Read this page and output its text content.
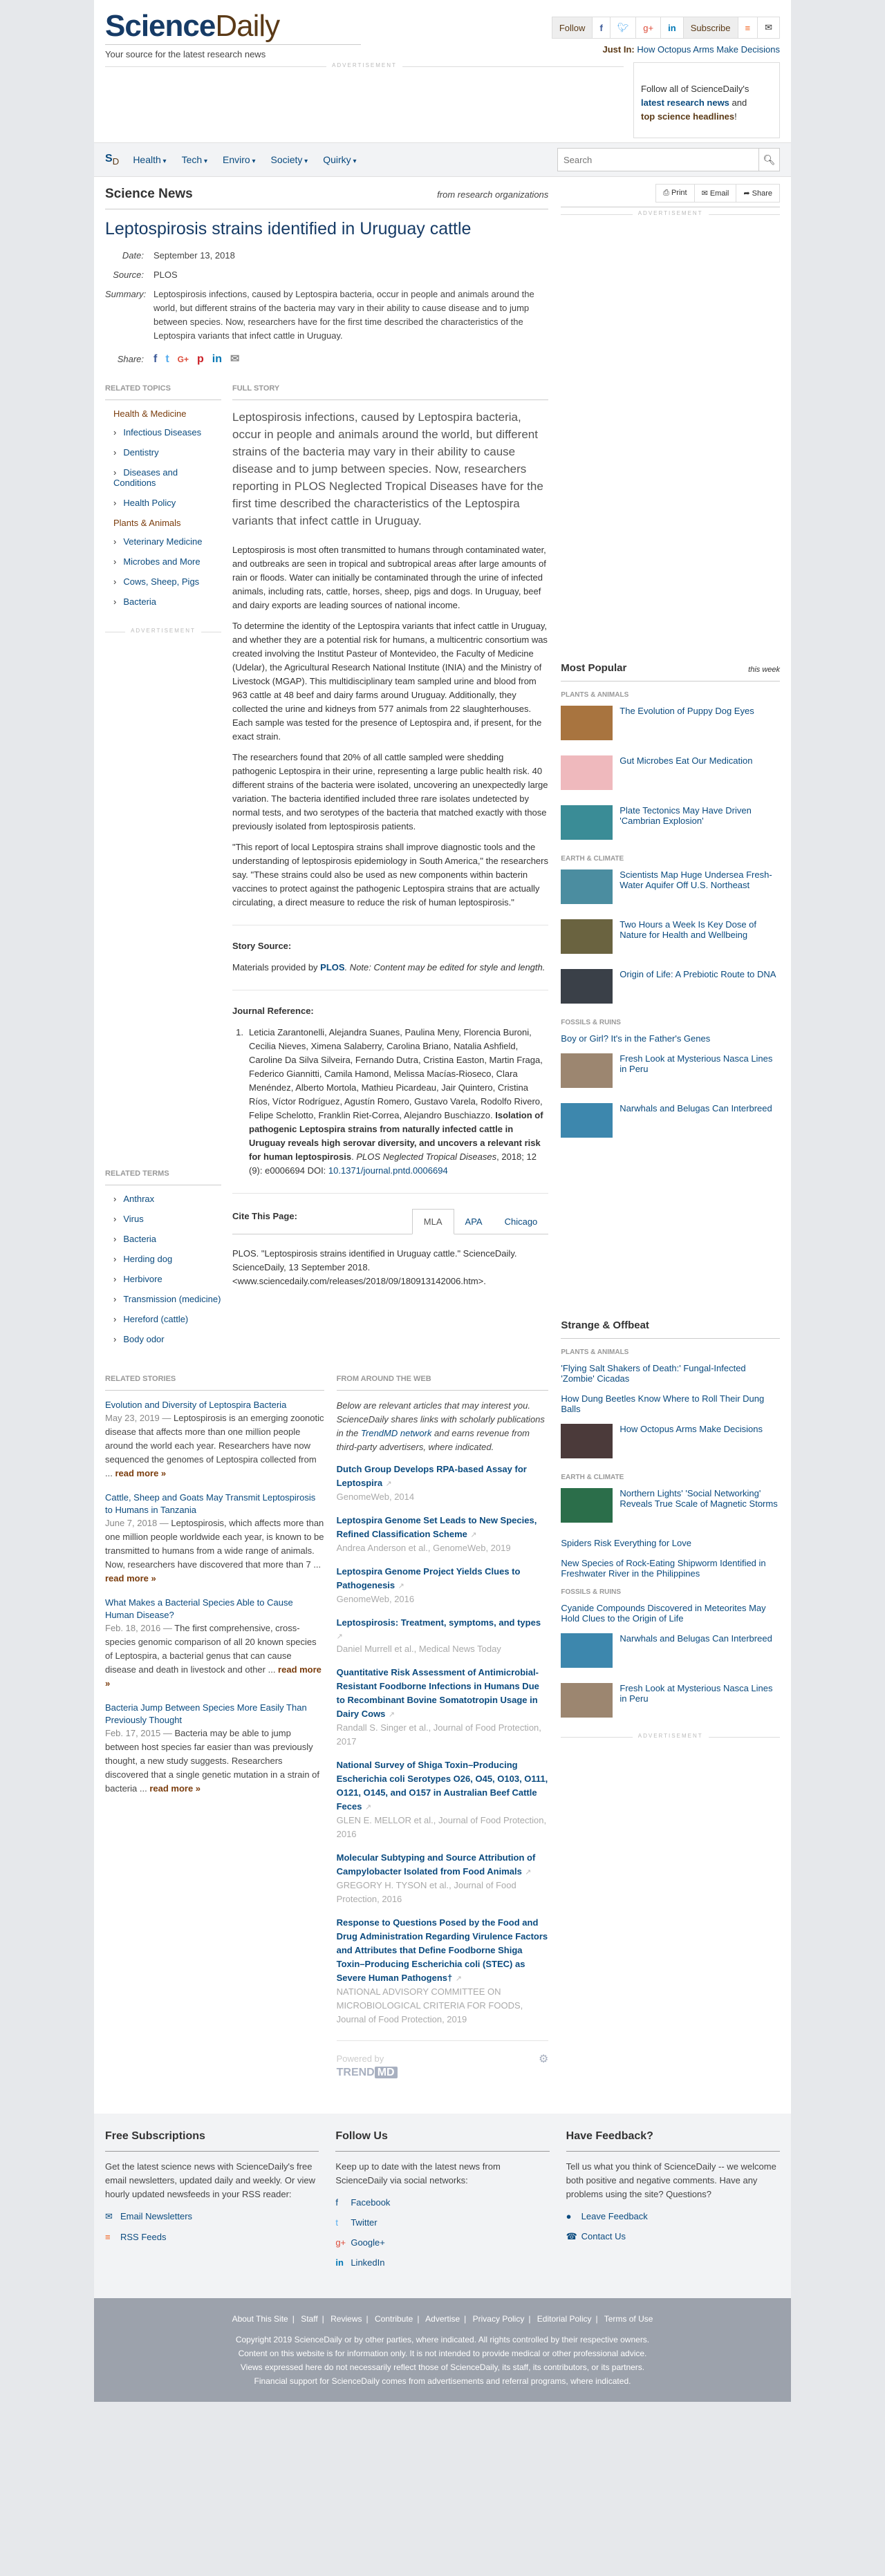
ScienceDaily
Your source for the latest research news
Follow	f	🐦︎	g+	in	Subscribe	≡	✉
Just In: How Octopus Arms Make Decisions
ADVERTISEMENT
Follow all of ScienceDaily's
latest research news and
top science headlines!
$S_D$ Health ▾	Tech ▾	Enviro ▾	Society ▾	Quirky ▾
Search	🔍︎
Science News	from research organizations
Leptospirosis strains identified in Uruguay cattle
Date:	September 13, 2018
Source:	PLOS
Summary: Leptospirosis infections, caused by Leptospira bacteria, occur in people and animals around the world, but different strains of the bacteria may vary in their ability to cause disease and to jump between species. Now, researchers have for the first time described the characteristics of the Leptospira variants that infect cattle in Uruguay.
Share: f t G+ p in ✉
RELATED TOPICS
Health & Medicine
› Infectious Diseases
› Dentistry
› Diseases and Conditions
› Health Policy
Plants & Animals
› Veterinary Medicine
› Microbes and More
› Cows, Sheep, Pigs
› Bacteria
ADVERTISEMENT
RELATED TERMS
› Anthrax
› Virus
› Bacteria
› Herding dog
› Herbivore
› Transmission (medicine)
› Hereford (cattle)
› Body odor
FULL STORY

Leptospirosis infections, caused by Leptospira bacteria, occur in people and animals around the world, but different strains of the bacteria may vary in their ability to cause disease and to jump between species. Now, researchers reporting in PLOS Neglected Tropical Diseases have for the first time described the characteristics of the Leptospira variants that infect cattle in Uruguay.

Leptospirosis is most often transmitted to humans through contaminated water, and outbreaks are seen in tropical and subtropical areas after large amounts of rain or floods. Water can initially be contaminated through the urine of infected animals, including rats, cattle, horses, sheep, pigs and dogs. In Uruguay, beef and dairy exports are leading sources of national income.

To determine the identity of the Leptospira variants that infect cattle in Uruguay, and whether they are a potential risk for humans, a multicentric consortium was created involving the Institut Pasteur of Montevideo, the Faculty of Medicine (Udelar), the Agricultural Research National Institute (INIA) and the Ministry of Livestock (MGAP). This multidisciplinary team sampled urine and blood from 963 cattle at 48 beef and dairy farms around Uruguay. Additionally, they collected the urine and kidneys from 577 animals from 22 slaughterhouses. Each sample was tested for the presence of Leptospira and, if present, for the exact strain.

The researchers found that 20% of all cattle sampled were shedding pathogenic Leptospira in their urine, representing a large public health risk. 40 different strains of the bacteria were isolated, uncovering an unexpectedly large variation. The bacteria identified included three rare isolates undetected by normal tests, and two serotypes of the bacteria that matched exactly with those previously isolated from leptospirosis patients.

"This report of local Leptospira strains shall improve diagnostic tools and the understanding of leptospirosis epidemiology in South America," the researchers say. "These strains could also be used as new components within bacterin vaccines to protect against the pathogenic Leptospira strains that are actually circulating, a direct measure to reduce the risk of human leptospirosis."

Story Source:

Materials provided by PLOS. Note: Content may be edited for style and length.

Journal Reference:
1. Leticia Zarantonelli, Alejandra Suanes, Paulina Meny, Florencia Buroni, Cecilia Nieves, Ximena Salaberry, Carolina Briano, Natalia Ashfield, Caroline Da Silva Silveira, Fernando Dutra, Cristina Easton, Martin Fraga, Federico Giannitti, Camila Hamond, Melissa Macías-Rioseco, Clara Menéndez, Alberto Mortola, Mathieu Picardeau, Jair Quintero, Cristina Ríos, Víctor Rodríguez, Agustín Romero, Gustavo Varela, Rodolfo Rivero, Felipe Schelotto, Franklin Riet-Correa, Alejandro Buschiazzo. Isolation of pathogenic Leptospira strains from naturally infected cattle in Uruguay reveals high serovar diversity, and uncovers a relevant risk for human leptospirosis. PLOS Neglected Tropical Diseases, 2018; 12 (9): e0006694 DOI: 10.1371/journal.pntd.0006694
Cite This Page:
MLA	APA	Chicago

PLOS. "Leptospirosis strains identified in Uruguay cattle." ScienceDaily. ScienceDaily, 13 September 2018. <www.sciencedaily.com/releases/2018/09/180913142006.htm>.

⎙ Print	✉ Email	➦ Share
ADVERTISEMENT
Most Popular	this week
PLANTS & ANIMALS
The Evolution of Puppy Dog Eyes
Gut Microbes Eat Our Medication
Plate Tectonics May Have Driven 'Cambrian Explosion'
EARTH & CLIMATE
Scientists Map Huge Undersea Fresh-Water Aquifer Off U.S. Northeast
Two Hours a Week Is Key Dose of Nature for Health and Wellbeing
Origin of Life: A Prebiotic Route to DNA
FOSSILS & RUINS
Boy or Girl? It's in the Father's Genes
Fresh Look at Mysterious Nasca Lines in Peru
Narwhals and Belugas Can Interbreed
RELATED STORIES
Evolution and Diversity of Leptospira Bacteria
May 23, 2019 — Leptospirosis is an emerging zoonotic disease that affects more than one million people around the world each year. Researchers have now sequenced the genomes of Leptospira collected from ... read more »
Cattle, Sheep and Goats May Transmit Leptospirosis to Humans in Tanzania
June 7, 2018 — Leptospirosis, which affects more than one million people worldwide each year, is known to be transmitted to humans from a wide range of animals. Now, researchers have discovered that more than 7 ... read more »
What Makes a Bacterial Species Able to Cause Human Disease?
Feb. 18, 2016 — The first comprehensive, cross-species genomic comparison of all 20 known species of Leptospira, a bacterial genus that can cause disease and death in livestock and other ... read more »
Bacteria Jump Between Species More Easily Than Previously Thought
Feb. 17, 2015 — Bacteria may be able to jump between host species far easier than was previously thought, a new study suggests. Researchers discovered that a single genetic mutation in a strain of bacteria ... read more »
FROM AROUND THE WEB

Below are relevant articles that may interest you. ScienceDaily shares links with scholarly publications in the TrendMD network and earns revenue from third-party advertisers, where indicated.

Dutch Group Develops RPA-based Assay for Leptospira ↗
GenomeWeb, 2014
Leptospira Genome Set Leads to New Species, Refined Classification Scheme ↗
Andrea Anderson et al., GenomeWeb, 2019
Leptospira Genome Project Yields Clues to Pathogenesis ↗
GenomeWeb, 2016
Leptospirosis: Treatment, symptoms, and types ↗
Daniel Murrell et al., Medical News Today
Quantitative Risk Assessment of Antimicrobial-Resistant Foodborne Infections in Humans Due to Recombinant Bovine Somatotropin Usage in Dairy Cows ↗
Randall S. Singer et al., Journal of Food Protection, 2017
National Survey of Shiga Toxin–Producing Escherichia coli Serotypes O26, O45, O103, O111, O121, O145, and O157 in Australian Beef Cattle Feces ↗
GLEN E. MELLOR et al., Journal of Food Protection, 2016
Molecular Subtyping and Source Attribution of Campylobacter Isolated from Food Animals ↗
GREGORY H. TYSON et al., Journal of Food Protection, 2016
Response to Questions Posed by the Food and Drug Administration Regarding Virulence Factors and Attributes that Define Foodborne Shiga Toxin–Producing Escherichia coli (STEC) as Severe Human Pathogens† ↗
NATIONAL ADVISORY COMMITTEE ON MICROBIOLOGICAL CRITERIA FOR FOODS, Journal of Food Protection, 2019
Powered by	⚙
TREND MD
Strange & Offbeat
PLANTS & ANIMALS
'Flying Salt Shakers of Death:' Fungal-Infected 'Zombie' Cicadas
How Dung Beetles Know Where to Roll Their Dung Balls
How Octopus Arms Make Decisions
EARTH & CLIMATE
Northern Lights' 'Social Networking' Reveals True Scale of Magnetic Storms
Spiders Risk Everything for Love
New Species of Rock-Eating Shipworm Identified in Freshwater River in the Philippines
FOSSILS & RUINS
Cyanide Compounds Discovered in Meteorites May Hold Clues to the Origin of Life
Narwhals and Belugas Can Interbreed
Fresh Look at Mysterious Nasca Lines in Peru
ADVERTISEMENT
Free Subscriptions

Get the latest science news with ScienceDaily's free email newsletters, updated daily and weekly. Or view hourly updated newsfeeds in your RSS reader:

✉ Email Newsletters
≡ RSS Feeds
Follow Us

Keep up to date with the latest news from ScienceDaily via social networks:

f Facebook
t Twitter
g+ Google+
in LinkedIn
Have Feedback?

Tell us what you think of ScienceDaily -- we welcome both positive and negative comments. Have any problems using the site? Questions?

● Leave Feedback
☎ Contact Us
About This Site | Staff | Reviews | Contribute | Advertise | Privacy Policy | Editorial Policy | Terms of Use
Copyright 2019 ScienceDaily or by other parties, where indicated. All rights controlled by their respective owners.
Content on this website is for information only. It is not intended to provide medical or other professional advice.
Views expressed here do not necessarily reflect those of ScienceDaily, its staff, its contributors, or its partners.
Financial support for ScienceDaily comes from advertisements and referral programs, where indicated.
